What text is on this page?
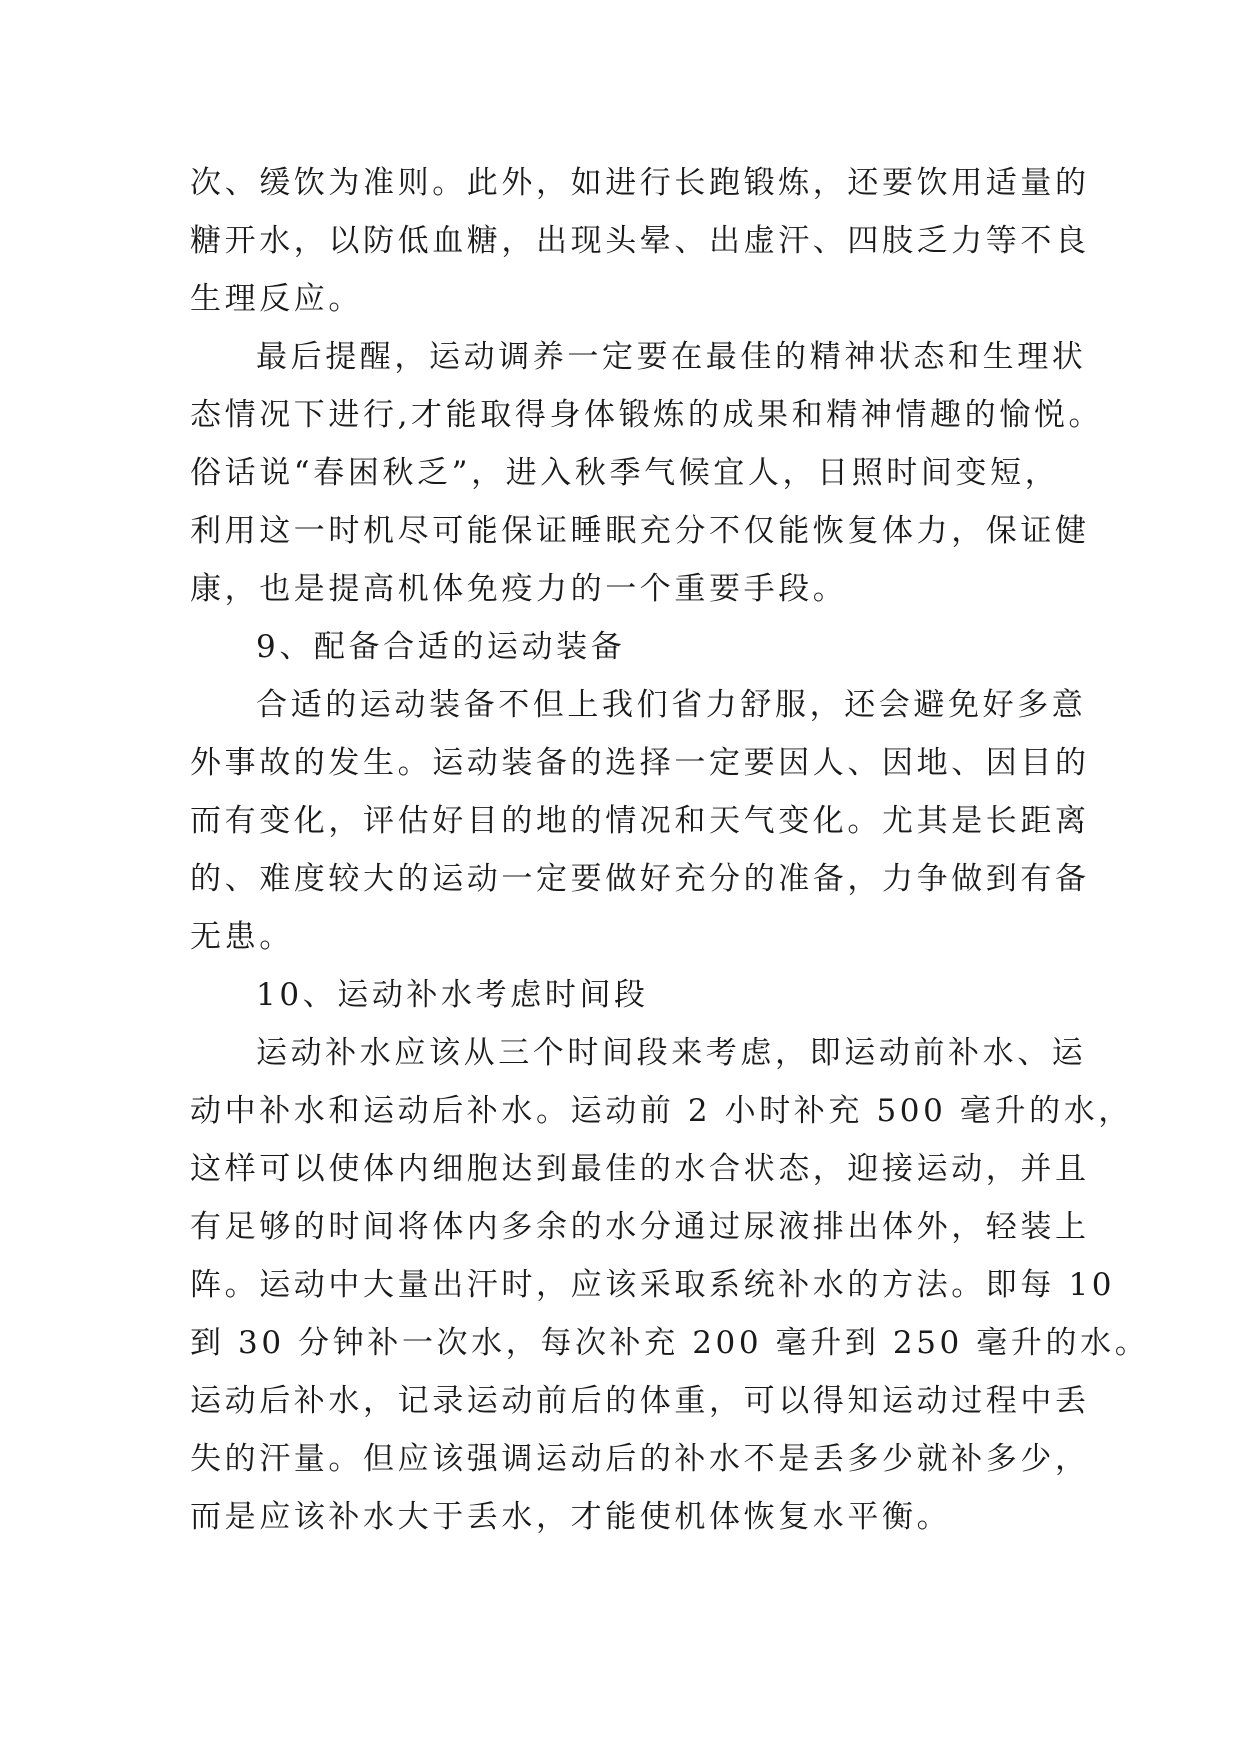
次、缓饮为准则。此外，如进行长跑锻炼，还要饮用适量的
糖开水，以防低血糖，出现头晕、出虚汗、四肢乏力等不良
生理反应。
最后提醒，运动调养一定要在最佳的精神状态和生理状
态情况下进行,才能取得身体锻炼的成果和精神情趣的愉悦。
俗话说“春困秋乏”，进入秋季气候宜人，日照时间变短，
利用这一时机尽可能保证睡眠充分不仅能恢复体力，保证健
康，也是提高机体免疫力的一个重要手段。
9、配备合适的运动装备
合适的运动装备不但上我们省力舒服，还会避免好多意
外事故的发生。运动装备的选择一定要因人、因地、因目的
而有变化，评估好目的地的情况和天气变化。尤其是长距离
的、难度较大的运动一定要做好充分的准备，力争做到有备
无患。
10、运动补水考虑时间段
运动补水应该从三个时间段来考虑，即运动前补水、运
动中补水和运动后补水。运动前 2 小时补充 500 毫升的水，
这样可以使体内细胞达到最佳的水合状态，迎接运动，并且
有足够的时间将体内多余的水分通过尿液排出体外，轻装上
阵。运动中大量出汗时，应该采取系统补水的方法。即每 10
到 30 分钟补一次水，每次补充 200 毫升到 250 毫升的水。
运动后补水，记录运动前后的体重，可以得知运动过程中丢
失的汗量。但应该强调运动后的补水不是丢多少就补多少，
而是应该补水大于丢水，才能使机体恢复水平衡。
